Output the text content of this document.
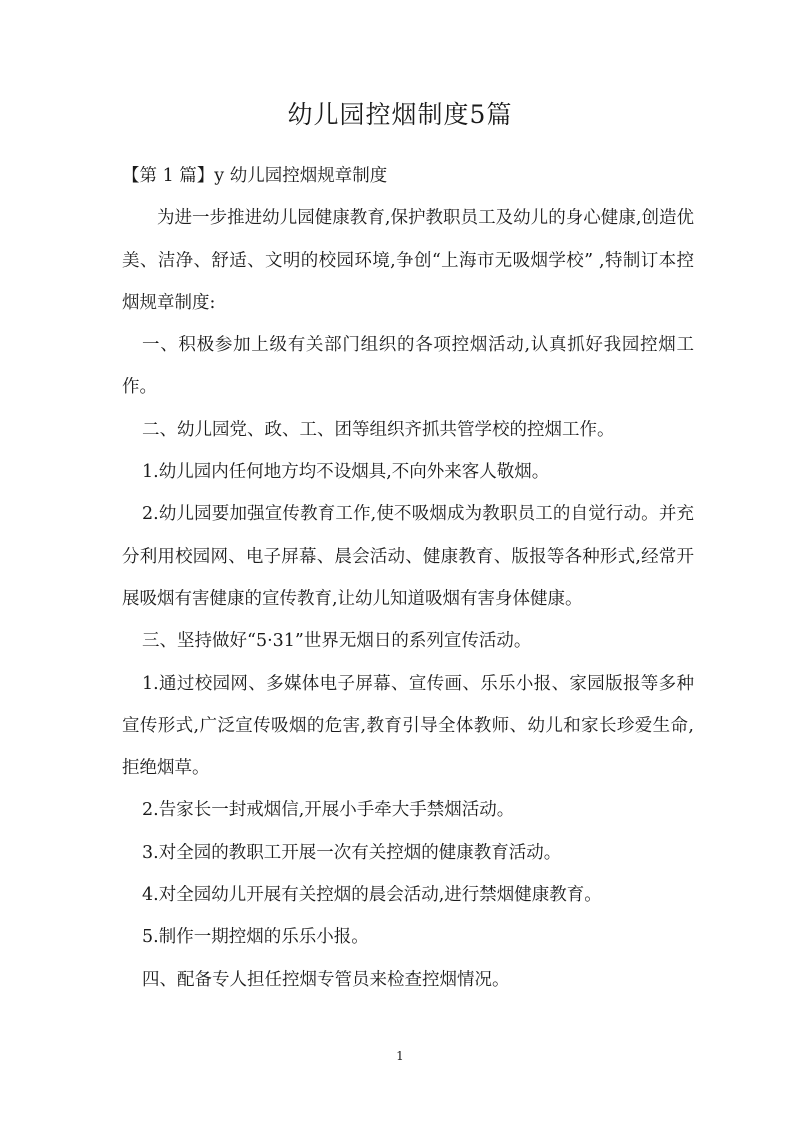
幼儿园控烟制度5篇

【第 1 篇】y 幼儿园控烟规章制度

为进一步推进幼儿园健康教育,保护教职员工及幼儿的身心健康,创造优美、洁净、舒适、文明的校园环境,争创“上海市无吸烟学校” ,特制订本控烟规章制度:

一、积极参加上级有关部门组织的各项控烟活动,认真抓好我园控烟工作。

二、幼儿园党、政、工、团等组织齐抓共管学校的控烟工作。

1.幼儿园内任何地方均不设烟具,不向外来客人敬烟。

2.幼儿园要加强宣传教育工作,使不吸烟成为教职员工的自觉行动。并充分利用校园网、电子屏幕、晨会活动、健康教育、版报等各种形式,经常开展吸烟有害健康的宣传教育,让幼儿知道吸烟有害身体健康。

三、坚持做好“5·31”世界无烟日的系列宣传活动。

1.通过校园网、多媒体电子屏幕、宣传画、乐乐小报、家园版报等多种宣传形式,广泛宣传吸烟的危害,教育引导全体教师、幼儿和家长珍爱生命,拒绝烟草。

2.告家长一封戒烟信,开展小手牵大手禁烟活动。

3.对全园的教职工开展一次有关控烟的健康教育活动。

4.对全园幼儿开展有关控烟的晨会活动,进行禁烟健康教育。

5.制作一期控烟的乐乐小报。

四、配备专人担任控烟专管员来检查控烟情况。

1
